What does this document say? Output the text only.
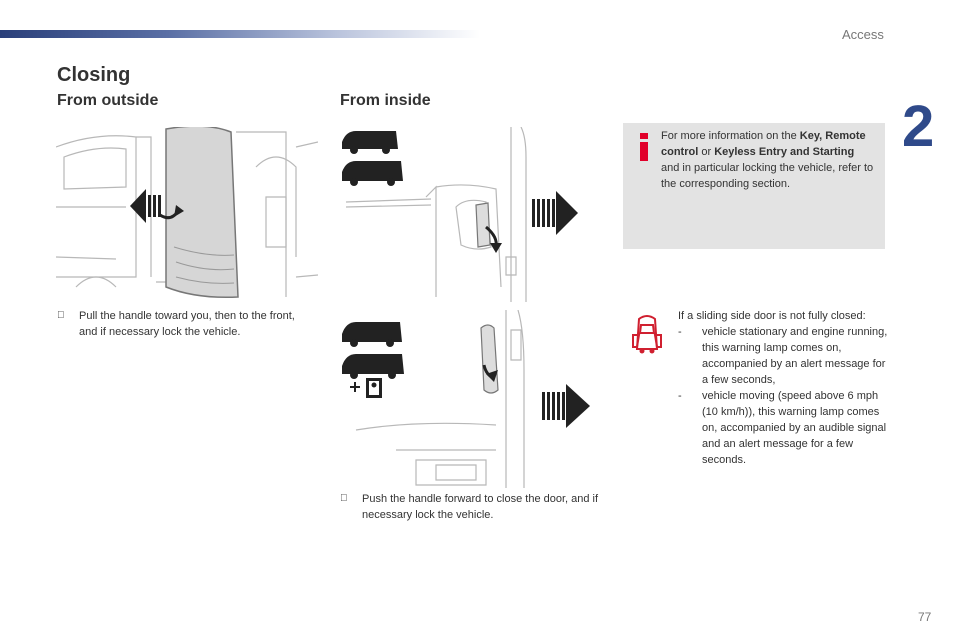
Access
2
Closing
From outside	From inside
Pull the handle toward you, then to the front, and if necessary lock the vehicle.
Push the handle forward to close the door, and if necessary lock the vehicle.
For more information on the Key, Remote control or Keyless Entry and Starting and in particular locking the vehicle, refer to the corresponding section.
If a sliding side door is not fully closed:
- vehicle stationary and engine running, this warning lamp comes on, accompanied by an alert message for a few seconds,
- vehicle moving (speed above 6 mph (10 km/h)), this warning lamp comes on, accompanied by an audible signal and an alert message for a few seconds.
77
